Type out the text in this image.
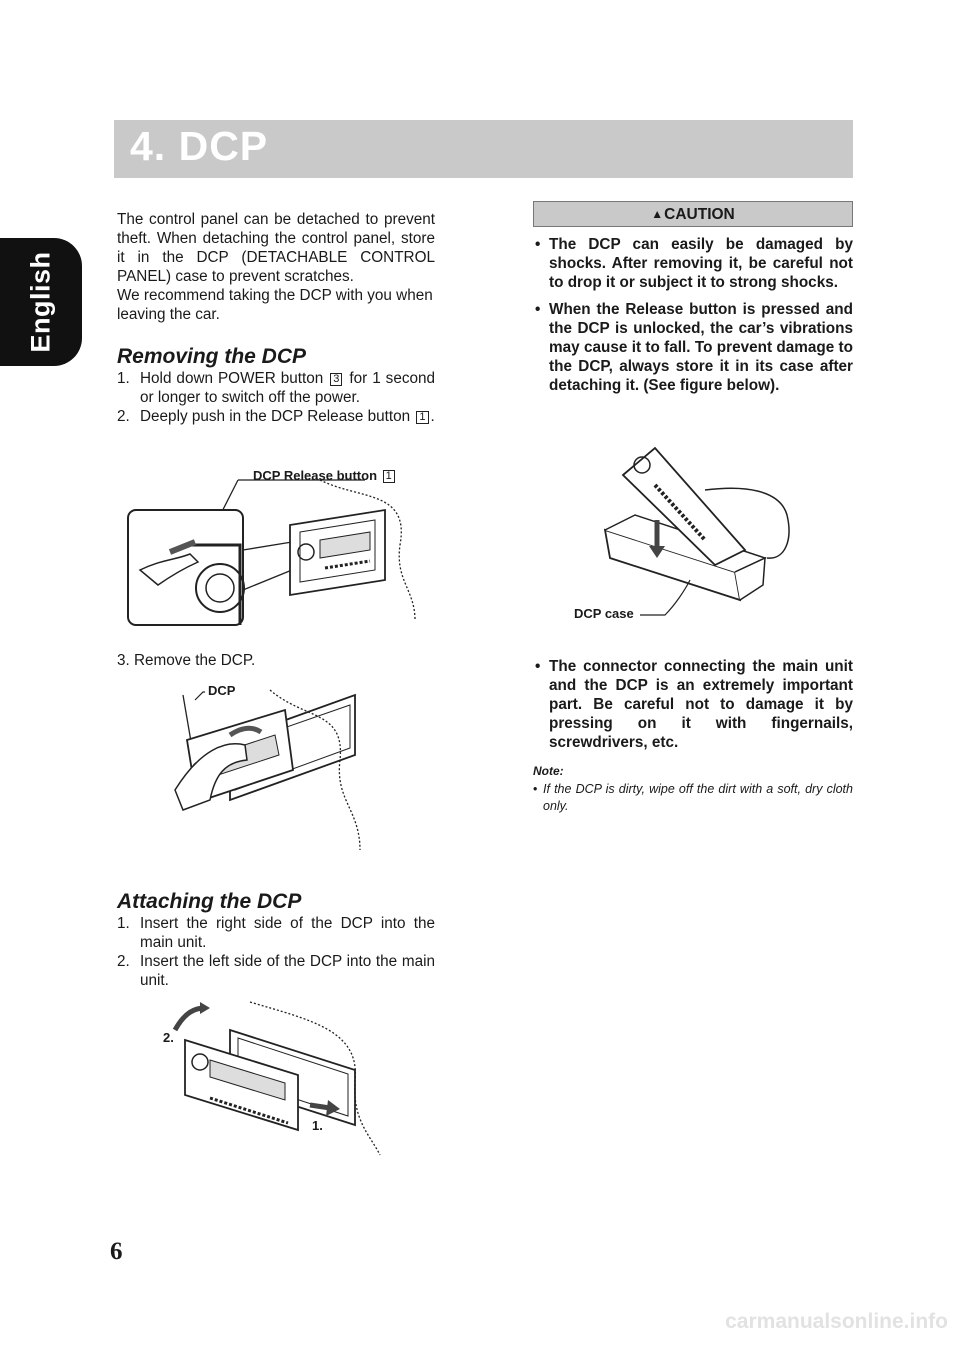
English
4. DCP

The control panel can be detached to prevent theft. When detaching the control panel, store it in the DCP (DETACHABLE CONTROL PANEL) case to prevent scratches.

We recommend taking the DCP with you when leaving the car.

Removing the DCP
1. Hold down POWER button 3 for 1 second or longer to switch off the power.
2. Deeply push in the DCP Release button 1 .
DCP Release button 1
3. Remove the DCP.
DCP
Attaching the DCP
1. Insert the right side of the DCP into the main unit.
2. Insert the left side of the DCP into the main unit.
2.
1.
▲CAUTION
• The DCP can easily be damaged by shocks. After removing it, be careful not to drop it or subject it to strong shocks.
• When the Release button is pressed and the DCP is unlocked, the car’s vibrations may cause it to fall. To prevent damage to the DCP, always store it in its case after detaching it. (See figure below).
DCP case
• The connector connecting the main unit and the DCP is an extremely important part. Be careful not to damage it by pressing on it with fingernails, screwdrivers, etc.
Note:
• If the DCP is dirty, wipe off the dirt with a soft, dry cloth only.
6
carmanualsonline.info
